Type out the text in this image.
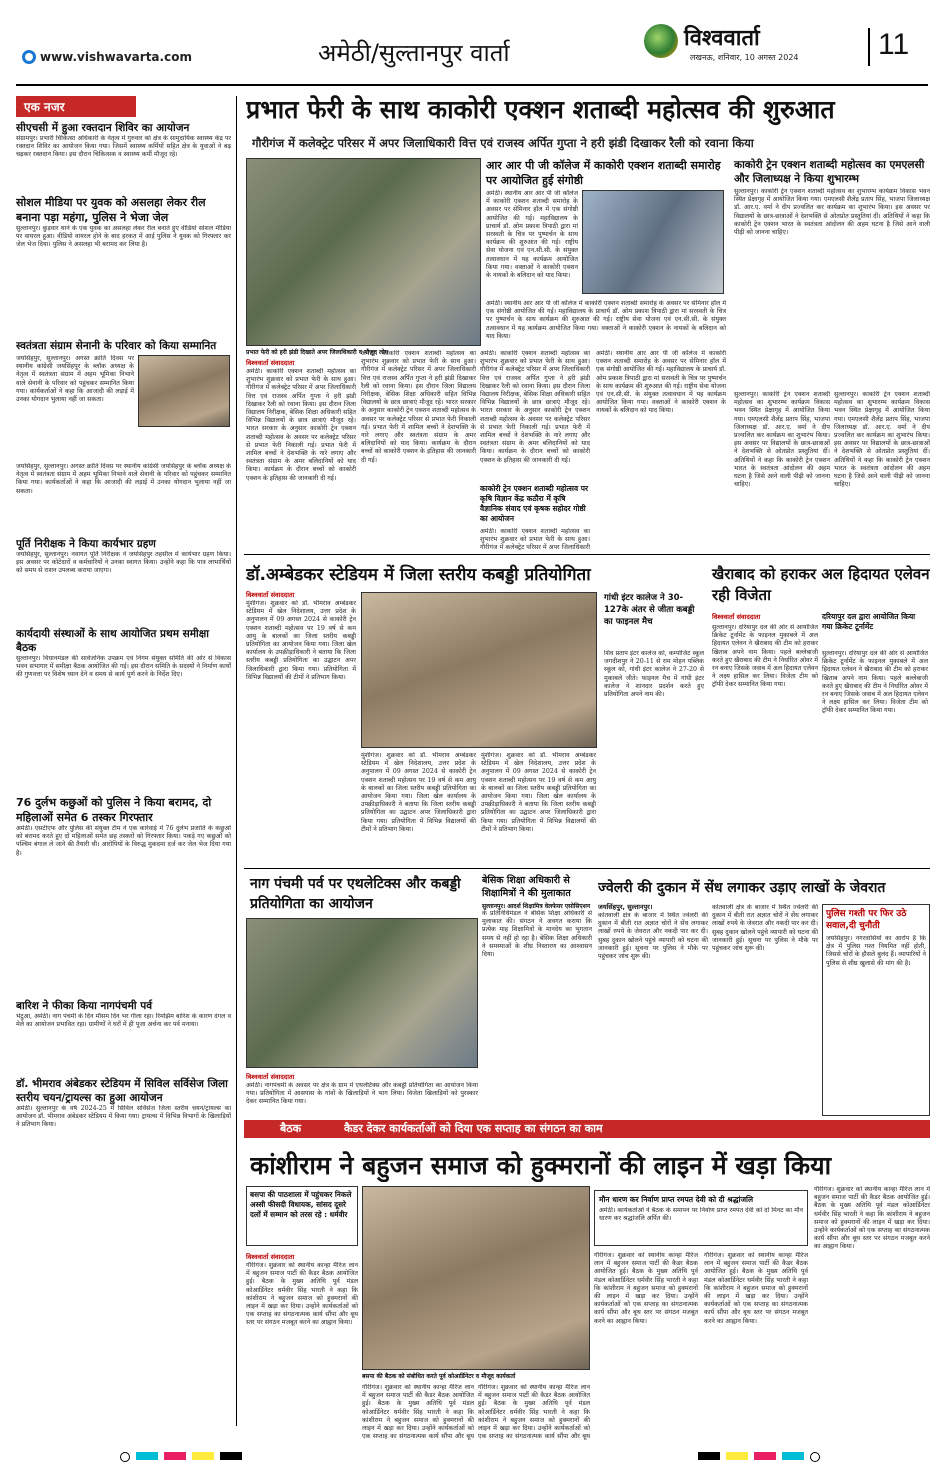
www.vishwavarta.com	अमेठी/सुल्तानपुर वार्ता
विश्ववार्ता
लखनऊ, शनिवार, 10 अगस्त 2024	11
एक नजर
सीएचसी में हुआ रक्तदान शिविर का आयोजन
संग्रामपुर। प्रभारी चिकित्सा अधिकारी के नेतृत्व में गुरुवार को क्षेत्र के सामुदायिक स्वास्थ्य केंद्र पर रक्तदान शिविर का आयोजन किया गया। जिसमें स्वास्थ्य कर्मियों सहित क्षेत्र के युवाओं ने बढ़ चढ़कर रक्तदान किया। इस दौरान चिकित्सक व स्वास्थ्य कर्मी मौजूद रहे।
सोशल मीडिया पर युवक को असलहा लेकर रील बनाना पड़ा महंगा, पुलिस ने भेजा जेल
सुल्तानपुर। कुड़वार थाने के एक युवक का असलहा लेकर रील बनाते हुए वीडियो सोशल मीडिया पर वायरल हुआ। वीडियो वायरल होने के बाद हरकत में आई पुलिस ने युवक को गिरफ्तार कर जेल भेज दिया। पुलिस ने असलहा भी बरामद कर लिया है।
स्वतंत्रता संग्राम सेनानी के परिवार को किया सम्मानित
जयसिंहपुर, सुल्तानपुर। अगस्त क्रांति दिवस पर स्थानीय कांग्रेसी जयसिंहपुर के ब्लॉक अध्यक्ष के नेतृत्व में स्वतंत्रता संग्राम में अहम भूमिका निभाने वाले सेनानी के परिवार को पहुंचकर सम्मानित किया गया। कार्यकर्ताओं ने कहा कि आजादी की लड़ाई में उनका योगदान भुलाया नहीं जा सकता।
जयसिंहपुर, सुल्तानपुर। अगस्त क्रांति दिवस पर स्थानीय कांग्रेसी जयसिंहपुर के ब्लॉक अध्यक्ष के नेतृत्व में स्वतंत्रता संग्राम में अहम भूमिका निभाने वाले सेनानी के परिवार को पहुंचकर सम्मानित किया गया। कार्यकर्ताओं ने कहा कि आजादी की लड़ाई में उनका योगदान भुलाया नहीं जा सकता।
पूर्ति निरीक्षक ने किया कार्यभार ग्रहण
जयसिंहपुर, सुल्तानपुर। नवागत पूर्ति निरीक्षक ने जयसिंहपुर तहसील में कार्यभार ग्रहण किया। इस अवसर पर कोटेदारों व कर्मचारियों ने उनका स्वागत किया। उन्होंने कहा कि पात्र लाभार्थियों को समय से राशन उपलब्ध कराया जाएगा।
कार्यदायी संस्थाओं के साथ आयोजित प्रथम समीक्षा बैठक
सुल्तानपुर। विधानमंडल की सार्वजनिक उपक्रम एवं निगम संयुक्त समिति की ओर से विकास भवन सभागार में समीक्षा बैठक आयोजित की गई। इस दौरान समिति के सदस्यों ने निर्माण कार्यों की गुणवत्ता पर विशेष ध्यान देने व समय से कार्य पूर्ण करने के निर्देश दिए।
76 दुर्लभ कछुओं को पुलिस ने किया बरामद, दो महिलाओं समेत 6 तस्कर गिरफ्तार
अमेठी। एसटीएफ और पुलिस की संयुक्त टीम ने एक कार्रवाई में 76 दुर्लभ प्रजाति के कछुओं को बरामद करते हुए दो महिलाओं समेत छह तस्करों को गिरफ्तार किया। पकड़े गए कछुओं को पश्चिम बंगाल ले जाने की तैयारी थी। आरोपियों के विरुद्ध मुकदमा दर्ज कर जेल भेज दिया गया है।
बारिश ने फीका किया नागपंचमी पर्व
भेटुआ, अमेठी। नाग पंचमी के दिन मौसम दिन भर गीला रहा। रिमझिम बारिश के कारण दंगल व मेले का आयोजन प्रभावित रहा। ग्रामीणों ने घरों में ही पूजा अर्चना कर पर्व मनाया।
डॉ. भीमराव अंबेडकर स्टेडियम में सिविल सर्विसेज जिला स्तरीय चयन/ट्रायल्स का हुआ आयोजन
अमेठी। सुल्तानपुर के वर्ष 2024-25 में सिविल सर्विसेज जिला स्तरीय चयन/ट्रायल्स का आयोजन डॉ. भीमराव अंबेडकर स्टेडियम में किया गया। ट्रायल्स में विभिन्न विभागों के खिलाड़ियों ने प्रतिभाग किया।
प्रभात फेरी के साथ काकोरी एक्शन शताब्दी महोत्सव की शुरुआत
गौरीगंज में कलेक्ट्रेट परिसर में अपर जिलाधिकारी वित्त एवं राजस्व अर्पित गुप्ता ने हरी झंडी दिखाकर रैली को रवाना किया
प्रभात फेरी को हरी झंडी दिखाते अपर जिलाधिकारी व मौजूद लोग
विश्ववार्ता संवाददाता
अमेठी। काकोरी एक्शन शताब्दी महोत्सव का शुभारंभ शुक्रवार को प्रभात फेरी के साथ हुआ। गौरीगंज में कलेक्ट्रेट परिसर में अपर जिलाधिकारी वित्त एवं राजस्व अर्पित गुप्ता ने हरी झंडी दिखाकर रैली को रवाना किया। इस दौरान जिला विद्यालय निरीक्षक, बेसिक शिक्षा अधिकारी सहित विभिन्न विद्यालयों के छात्र छात्राएं मौजूद रहे। भारत सरकार के अनुसार काकोरी ट्रेन एक्शन शताब्दी महोत्सव के अवसर पर कलेक्ट्रेट परिसर से प्रभात फेरी निकाली गई। प्रभात फेरी में शामिल बच्चों ने देशभक्ति के नारे लगाए और स्वतंत्रता संग्राम के अमर बलिदानियों को याद किया। कार्यक्रम के दौरान बच्चों को काकोरी एक्शन के इतिहास की जानकारी दी गई।
अमेठी। काकोरी एक्शन शताब्दी महोत्सव का शुभारंभ शुक्रवार को प्रभात फेरी के साथ हुआ। गौरीगंज में कलेक्ट्रेट परिसर में अपर जिलाधिकारी वित्त एवं राजस्व अर्पित गुप्ता ने हरी झंडी दिखाकर रैली को रवाना किया। इस दौरान जिला विद्यालय निरीक्षक, बेसिक शिक्षा अधिकारी सहित विभिन्न विद्यालयों के छात्र छात्राएं मौजूद रहे। भारत सरकार के अनुसार काकोरी ट्रेन एक्शन शताब्दी महोत्सव के अवसर पर कलेक्ट्रेट परिसर से प्रभात फेरी निकाली गई। प्रभात फेरी में शामिल बच्चों ने देशभक्ति के नारे लगाए और स्वतंत्रता संग्राम के अमर बलिदानियों को याद किया। कार्यक्रम के दौरान बच्चों को काकोरी एक्शन के इतिहास की जानकारी दी गई।
अमेठी। काकोरी एक्शन शताब्दी महोत्सव का शुभारंभ शुक्रवार को प्रभात फेरी के साथ हुआ। गौरीगंज में कलेक्ट्रेट परिसर में अपर जिलाधिकारी वित्त एवं राजस्व अर्पित गुप्ता ने हरी झंडी दिखाकर रैली को रवाना किया। इस दौरान जिला विद्यालय निरीक्षक, बेसिक शिक्षा अधिकारी सहित विभिन्न विद्यालयों के छात्र छात्राएं मौजूद रहे। भारत सरकार के अनुसार काकोरी ट्रेन एक्शन शताब्दी महोत्सव के अवसर पर कलेक्ट्रेट परिसर से प्रभात फेरी निकाली गई। प्रभात फेरी में शामिल बच्चों ने देशभक्ति के नारे लगाए और स्वतंत्रता संग्राम के अमर बलिदानियों को याद किया। कार्यक्रम के दौरान बच्चों को काकोरी एक्शन के इतिहास की जानकारी दी गई।
काकोरी ट्रेन एक्शन शताब्दी महोत्सव पर कृषि विज्ञान केंद्र कठौरा में कृषि वैज्ञानिक संवाद एवं कृषक सहोदर गोष्ठी का आयोजन
अमेठी। काकोरी एक्शन शताब्दी महोत्सव का शुभारंभ शुक्रवार को प्रभात फेरी के साथ हुआ। गौरीगंज में कलेक्ट्रेट परिसर में अपर जिलाधिकारी
आर आर पी जी कॉलेज में काकोरी एक्शन शताब्दी समारोह पर आयोजित हुई संगोष्ठी
अमेठी। स्थानीय आर आर पी जी कॉलेज में काकोरी एक्शन शताब्दी समारोह के अवसर पर सेमिनार हॉल में एक संगोष्ठी आयोजित की गई। महाविद्यालय के प्राचार्य डॉ. ओम प्रकाश त्रिपाठी द्वारा मां सरस्वती के चित्र पर पुष्पार्चन के साथ कार्यक्रम की शुरुआत की गई। राष्ट्रीय सेवा योजना एवं एन.सी.सी. के संयुक्त तत्वावधान में यह कार्यक्रम आयोजित किया गया। वक्ताओं ने काकोरी एक्शन के नायकों के बलिदान को याद किया।
अमेठी। स्थानीय आर आर पी जी कॉलेज में काकोरी एक्शन शताब्दी समारोह के अवसर पर सेमिनार हॉल में एक संगोष्ठी आयोजित की गई। महाविद्यालय के प्राचार्य डॉ. ओम प्रकाश त्रिपाठी द्वारा मां सरस्वती के चित्र पर पुष्पार्चन के साथ कार्यक्रम की शुरुआत की गई। राष्ट्रीय सेवा योजना एवं एन.सी.सी. के संयुक्त तत्वावधान में यह कार्यक्रम आयोजित किया गया। वक्ताओं ने काकोरी एक्शन के नायकों के बलिदान को याद किया।
अमेठी। स्थानीय आर आर पी जी कॉलेज में काकोरी एक्शन शताब्दी समारोह के अवसर पर सेमिनार हॉल में एक संगोष्ठी आयोजित की गई। महाविद्यालय के प्राचार्य डॉ. ओम प्रकाश त्रिपाठी द्वारा मां सरस्वती के चित्र पर पुष्पार्चन के साथ कार्यक्रम की शुरुआत की गई। राष्ट्रीय सेवा योजना एवं एन.सी.सी. के संयुक्त तत्वावधान में यह कार्यक्रम आयोजित किया गया। वक्ताओं ने काकोरी एक्शन के नायकों के बलिदान को याद किया।
काकोरी ट्रेन एक्शन शताब्दी महोत्सव का एमएलसी और जिलाध्यक्ष ने किया शुभारम्भ
सुल्तानपुर। काकोरी ट्रेन एक्शन शताब्दी महोत्सव का शुभारम्भ कार्यक्रम विकास भवन स्थित प्रेक्षागृह में आयोजित किया गया। एमएलसी शैलेंद्र प्रताप सिंह, भाजपा जिलाध्यक्ष डॉ. आर.ए. वर्मा ने दीप प्रज्वलित कर कार्यक्रम का शुभारंभ किया। इस अवसर पर विद्यालयों के छात्र-छात्राओं ने देशभक्ति से ओतप्रोत प्रस्तुतियां दीं। अतिथियों ने कहा कि काकोरी ट्रेन एक्शन भारत के स्वतंत्रता आंदोलन की अहम घटना है जिसे आने वाली पीढ़ी को जानना चाहिए।
सुल्तानपुर। काकोरी ट्रेन एक्शन शताब्दी महोत्सव का शुभारम्भ कार्यक्रम विकास भवन स्थित प्रेक्षागृह में आयोजित किया गया। एमएलसी शैलेंद्र प्रताप सिंह, भाजपा जिलाध्यक्ष डॉ. आर.ए. वर्मा ने दीप प्रज्वलित कर कार्यक्रम का शुभारंभ किया। इस अवसर पर विद्यालयों के छात्र-छात्राओं ने देशभक्ति से ओतप्रोत प्रस्तुतियां दीं। अतिथियों ने कहा कि काकोरी ट्रेन एक्शन भारत के स्वतंत्रता आंदोलन की अहम घटना है जिसे आने वाली पीढ़ी को जानना चाहिए।
सुल्तानपुर। काकोरी ट्रेन एक्शन शताब्दी महोत्सव का शुभारम्भ कार्यक्रम विकास भवन स्थित प्रेक्षागृह में आयोजित किया गया। एमएलसी शैलेंद्र प्रताप सिंह, भाजपा जिलाध्यक्ष डॉ. आर.ए. वर्मा ने दीप प्रज्वलित कर कार्यक्रम का शुभारंभ किया। इस अवसर पर विद्यालयों के छात्र-छात्राओं ने देशभक्ति से ओतप्रोत प्रस्तुतियां दीं। अतिथियों ने कहा कि काकोरी ट्रेन एक्शन भारत के स्वतंत्रता आंदोलन की अहम घटना है जिसे आने वाली पीढ़ी को जानना चाहिए।
डॉ.अम्बेडकर स्टेडियम में जिला स्तरीय कबड्डी प्रतियोगिता
विश्ववार्ता संवाददाता
मुंशीगंज। शुक्रवार को डॉ. भीमराव अम्बेडकर स्टेडियम में खेल निदेशालय, उत्तर प्रदेश के अनुपालन में 09 अगस्त 2024 से काकोरी ट्रेन एक्शन शताब्दी महोत्सव पर 19 वर्ष से कम आयु के बालकों का जिला स्तरीय कबड्डी प्रतियोगिता का आयोजन किया गया। जिला खेल कार्यालय के उपक्रीड़ाधिकारी ने बताया कि जिला स्तरीय कबड्डी प्रतियोगिता का उद्घाटन अपर जिलाधिकारी द्वारा किया गया। प्रतियोगिता में विभिन्न विद्यालयों की टीमों ने प्रतिभाग किया।
मुंशीगंज। शुक्रवार को डॉ. भीमराव अम्बेडकर स्टेडियम में खेल निदेशालय, उत्तर प्रदेश के अनुपालन में 09 अगस्त 2024 से काकोरी ट्रेन एक्शन शताब्दी महोत्सव पर 19 वर्ष से कम आयु के बालकों का जिला स्तरीय कबड्डी प्रतियोगिता का आयोजन किया गया। जिला खेल कार्यालय के उपक्रीड़ाधिकारी ने बताया कि जिला स्तरीय कबड्डी प्रतियोगिता का उद्घाटन अपर जिलाधिकारी द्वारा किया गया। प्रतियोगिता में विभिन्न विद्यालयों की टीमों ने प्रतिभाग किया।
मुंशीगंज। शुक्रवार को डॉ. भीमराव अम्बेडकर स्टेडियम में खेल निदेशालय, उत्तर प्रदेश के अनुपालन में 09 अगस्त 2024 से काकोरी ट्रेन एक्शन शताब्दी महोत्सव पर 19 वर्ष से कम आयु के बालकों का जिला स्तरीय कबड्डी प्रतियोगिता का आयोजन किया गया। जिला खेल कार्यालय के उपक्रीड़ाधिकारी ने बताया कि जिला स्तरीय कबड्डी प्रतियोगिता का उद्घाटन अपर जिलाधिकारी द्वारा किया गया। प्रतियोगिता में विभिन्न विद्यालयों की टीमों ने प्रतिभाग किया।
गांधी इंटर कालेज ने 30-127के अंतर से जीता कबड्डी का फाइनल मैच
शिव प्रताप इंटर कालेज को, कम्पोजिट स्कूल जगदीशपुर ने 20-11 से राम मोहन पब्लिक स्कूल को, गांधी इंटर कालेज ने 27-20 से मुकाबले जीते। फाइनल मैच में गांधी इंटर कालेज ने शानदार प्रदर्शन करते हुए प्रतियोगिता अपने नाम की।
खैराबाद को हराकर अल हिदायत एलेवन रही विजेता
विश्ववार्ता संवाददाता	दरियापुर दल द्वारा आयोजित किया गया क्रिकेट टूर्नामेंट
सुल्तानपुर। दरियापुर दल की ओर से आयोजित क्रिकेट टूर्नामेंट के फाइनल मुकाबले में अल हिदायत एलेवन ने खैराबाद की टीम को हराकर खिताब अपने नाम किया। पहले बल्लेबाजी करते हुए खैराबाद की टीम ने निर्धारित ओवर में रन बनाए जिसके जवाब में अल हिदायत एलेवन ने लक्ष्य हासिल कर लिया। विजेता टीम को ट्रॉफी देकर सम्मानित किया गया।
सुल्तानपुर। दरियापुर दल की ओर से आयोजित क्रिकेट टूर्नामेंट के फाइनल मुकाबले में अल हिदायत एलेवन ने खैराबाद की टीम को हराकर खिताब अपने नाम किया। पहले बल्लेबाजी करते हुए खैराबाद की टीम ने निर्धारित ओवर में रन बनाए जिसके जवाब में अल हिदायत एलेवन ने लक्ष्य हासिल कर लिया। विजेता टीम को ट्रॉफी देकर सम्मानित किया गया।
नाग पंचमी पर्व पर एथलेटिक्स और कबड्डी प्रतियोगिता का आयोजन
विश्ववार्ता संवाददाता
अमेठी। नागपंचमी के अवसर पर क्षेत्र के ग्राम में एथलेटिक्स और कबड्डी प्रतियोगिता का आयोजन किया गया। प्रतियोगिता में आसपास के गांवों के खिलाड़ियों ने भाग लिया। विजेता खिलाड़ियों को पुरस्कार देकर सम्मानित किया गया।
बेसिक शिक्षा अधिकारी से शिक्षामित्रों ने की मुलाकात
सुल्तानपुर। आदर्श शिक्षामित्र वेलफेयर एसोसिएशन
के प्रतिनिधिमंडल ने बेसिक शिक्षा अधिकारी से मुलाकात की। संगठन ने अवगत कराया कि प्रत्येक माह शिक्षामित्रों के मानदेय का भुगतान समय से नहीं हो रहा है। बेसिक शिक्षा अधिकारी ने समस्याओं के शीघ्र निस्तारण का आश्वासन दिया।
ज्वेलरी की दुकान में सेंध लगाकर उड़ाए लाखों के जेवरात
जयसिंहपुर, सुल्तानपुर।
कोतवाली क्षेत्र के बाजार में स्थित ज्वेलरी की दुकान में बीती रात अज्ञात चोरों ने सेंध लगाकर लाखों रुपये के जेवरात और नकदी पार कर दी। सुबह दुकान खोलने पहुंचे व्यापारी को घटना की जानकारी हुई। सूचना पर पुलिस ने मौके पर पहुंचकर जांच शुरू की।
कोतवाली क्षेत्र के बाजार में स्थित ज्वेलरी की दुकान में बीती रात अज्ञात चोरों ने सेंध लगाकर लाखों रुपये के जेवरात और नकदी पार कर दी। सुबह दुकान खोलने पहुंचे व्यापारी को घटना की जानकारी हुई। सूचना पर पुलिस ने मौके पर पहुंचकर जांच शुरू की।
पुलिस गश्ती पर फिर उठे सवाल,दी चुनौती
जयसिंहपुर। नगरवासियों का आरोप है कि क्षेत्र में पुलिस गश्त नियमित नहीं होती, जिससे चोरों के हौसले बुलंद हैं। व्यापारियों ने पुलिस से शीघ्र खुलासे की मांग की है।
बैठक	कैडर देकर कार्यकर्ताओं को दिया एक सप्ताह का संगठन का काम
कांशीराम ने बहुजन समाज को हुक्मरानों की लाइन में खड़ा किया
बसपा की पाठशाला में पहुंचकर निकले अस्सी फीसदी विधायक, सांसद दूसरे दलों में सम्मान को तरस रहे : धर्मवीर
विश्ववार्ता संवाददाता
गौरीगंज। शुक्रवार को स्थानीय कान्हा मैरिज लान में बहुजन समाज पार्टी की कैडर बैठक आयोजित हुई। बैठक के मुख्य अतिथि पूर्व मंडल कोआर्डिनेटर धर्मवीर सिंह भारती ने कहा कि कांशीराम ने बहुजन समाज को हुक्मरानों की लाइन में खड़ा कर दिया। उन्होंने कार्यकर्ताओं को एक सप्ताह का संगठनात्मक कार्य सौंपा और बूथ स्तर पर संगठन मजबूत करने का आह्वान किया।
बसपा की बैठक को संबोधित करते पूर्व कोआर्डिनेटर व मौजूद कार्यकर्ता
गौरीगंज। शुक्रवार को स्थानीय कान्हा मैरिज लान में बहुजन समाज पार्टी की कैडर बैठक आयोजित हुई। बैठक के मुख्य अतिथि पूर्व मंडल कोआर्डिनेटर धर्मवीर सिंह भारती ने कहा कि कांशीराम ने बहुजन समाज को हुक्मरानों की लाइन में खड़ा कर दिया। उन्होंने कार्यकर्ताओं को एक सप्ताह का संगठनात्मक कार्य सौंपा और बूथ
गौरीगंज। शुक्रवार को स्थानीय कान्हा मैरिज लान में बहुजन समाज पार्टी की कैडर बैठक आयोजित हुई। बैठक के मुख्य अतिथि पूर्व मंडल कोआर्डिनेटर धर्मवीर सिंह भारती ने कहा कि कांशीराम ने बहुजन समाज को हुक्मरानों की लाइन में खड़ा कर दिया। उन्होंने कार्यकर्ताओं को एक सप्ताह का संगठनात्मक कार्य सौंपा और बूथ
मौन धारण कर निर्वाण प्राप्त रमपत देवी को दी श्रद्धांजलि
अमेठी। कार्यकर्ताओं ने बैठक के समापन पर निर्वाण प्राप्त रमपत देवी को दो मिनट का मौन धारण कर श्रद्धांजलि अर्पित की।
गौरीगंज। शुक्रवार को स्थानीय कान्हा मैरिज लान में बहुजन समाज पार्टी की कैडर बैठक आयोजित हुई। बैठक के मुख्य अतिथि पूर्व मंडल कोआर्डिनेटर धर्मवीर सिंह भारती ने कहा कि कांशीराम ने बहुजन समाज को हुक्मरानों की लाइन में खड़ा कर दिया। उन्होंने कार्यकर्ताओं को एक सप्ताह का संगठनात्मक कार्य सौंपा और बूथ स्तर पर संगठन मजबूत करने का आह्वान किया।
गौरीगंज। शुक्रवार को स्थानीय कान्हा मैरिज लान में बहुजन समाज पार्टी की कैडर बैठक आयोजित हुई। बैठक के मुख्य अतिथि पूर्व मंडल कोआर्डिनेटर धर्मवीर सिंह भारती ने कहा कि कांशीराम ने बहुजन समाज को हुक्मरानों की लाइन में खड़ा कर दिया। उन्होंने कार्यकर्ताओं को एक सप्ताह का संगठनात्मक कार्य सौंपा और बूथ स्तर पर संगठन मजबूत करने का आह्वान किया।
गौरीगंज। शुक्रवार को स्थानीय कान्हा मैरिज लान में बहुजन समाज पार्टी की कैडर बैठक आयोजित हुई। बैठक के मुख्य अतिथि पूर्व मंडल कोआर्डिनेटर धर्मवीर सिंह भारती ने कहा कि कांशीराम ने बहुजन समाज को हुक्मरानों की लाइन में खड़ा कर दिया। उन्होंने कार्यकर्ताओं को एक सप्ताह का संगठनात्मक कार्य सौंपा और बूथ स्तर पर संगठन मजबूत करने का आह्वान किया।
